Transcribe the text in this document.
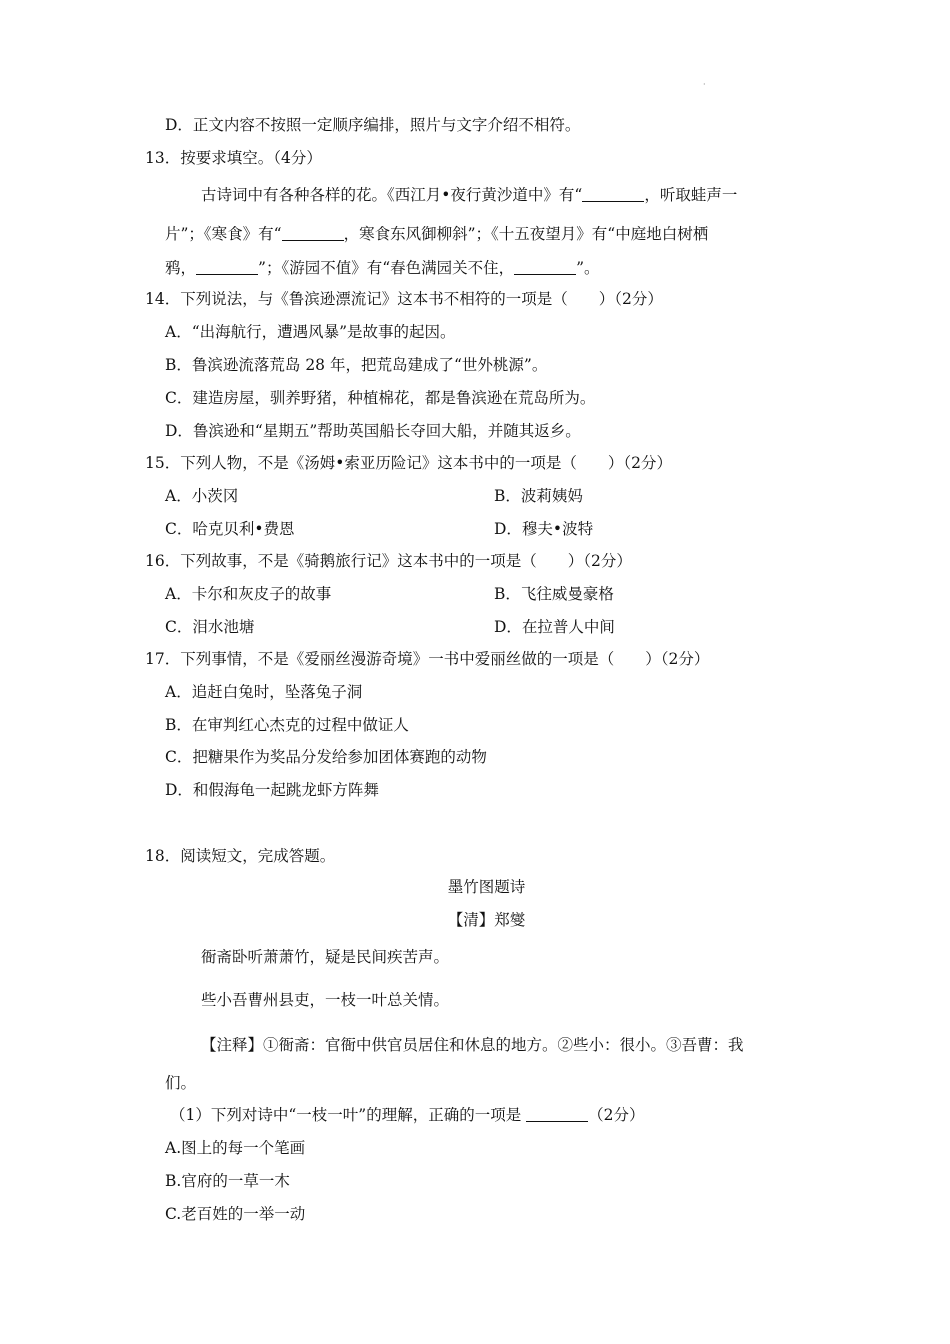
·
D．正文内容不按照一定顺序编排，照片与文字介绍不相符。
13．按要求填空。（4分）
古诗词中有各种各样的花。《西江月•夜行黄沙道中》有“	，听取蛙声一
片”；《寒食》有“	，寒食东风御柳斜”；《十五夜望月》有“中庭地白树栖
鸦，	”；《游园不值》有“春色满园关不住，	”。
14．下列说法，与《鲁滨逊漂流记》这本书不相符的一项是（　　）（2分）
A．“出海航行，遭遇风暴”是故事的起因。
B．鲁滨逊流落荒岛 28 年，把荒岛建成了“世外桃源”。
C．建造房屋，驯养野猪，种植棉花，都是鲁滨逊在荒岛所为。
D．鲁滨逊和“星期五”帮助英国船长夺回大船，并随其返乡。
15．下列人物，不是《汤姆•索亚历险记》这本书中的一项是（　　）（2分）
A．小茨冈	B．波莉姨妈
C．哈克贝利•费恩	D．穆夫•波特
16．下列故事，不是《骑鹅旅行记》这本书中的一项是（　　）（2分）
A．卡尔和灰皮子的故事	B．飞往威曼豪格
C．泪水池塘	D．在拉普人中间
17．下列事情，不是《爱丽丝漫游奇境》一书中爱丽丝做的一项是（　　）（2分）
A．追赶白兔时，坠落兔子洞
B．在审判红心杰克的过程中做证人
C．把糖果作为奖品分发给参加团体赛跑的动物
D．和假海龟一起跳龙虾方阵舞
18．阅读短文，完成答题。
墨竹图题诗
【清】郑燮
衙斋卧听萧萧竹，疑是民间疾苦声。
些小吾曹州县吏，一枝一叶总关情。
【注释】①衙斋：官衙中供官员居住和休息的地方。②些小：很小。③吾曹：我
们。
（1）下列对诗中“一枝一叶”的理解，正确的一项是	（2分）
A.图上的每一个笔画
B.官府的一草一木
C.老百姓的一举一动
